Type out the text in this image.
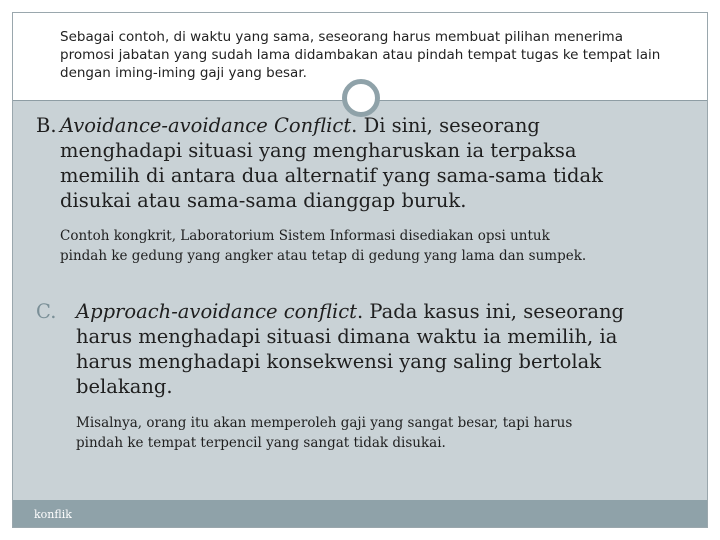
Sebagai contoh, di waktu yang sama, seseorang harus membuat pilihan menerima
promosi jabatan yang sudah lama didambakan atau pindah tempat tugas ke tempat lain
dengan iming-iming gaji yang besar.
B. Avoidance-avoidance Conflict. Di sini, seseorang
menghadapi situasi yang mengharuskan ia terpaksa
memilih di antara dua alternatif yang sama-sama tidak
disukai atau sama-sama dianggap buruk.
Contoh kongkrit, Laboratorium Sistem Informasi disediakan opsi untuk
pindah ke gedung yang angker atau tetap di gedung yang lama dan sumpek.
C. Approach-avoidance conflict. Pada kasus ini, seseorang
harus menghadapi situasi dimana waktu ia memilih, ia
harus menghadapi konsekwensi yang saling bertolak
belakang.
Misalnya, orang itu akan memperoleh gaji yang sangat besar, tapi harus
pindah ke tempat terpencil yang sangat tidak disukai.
konflik
